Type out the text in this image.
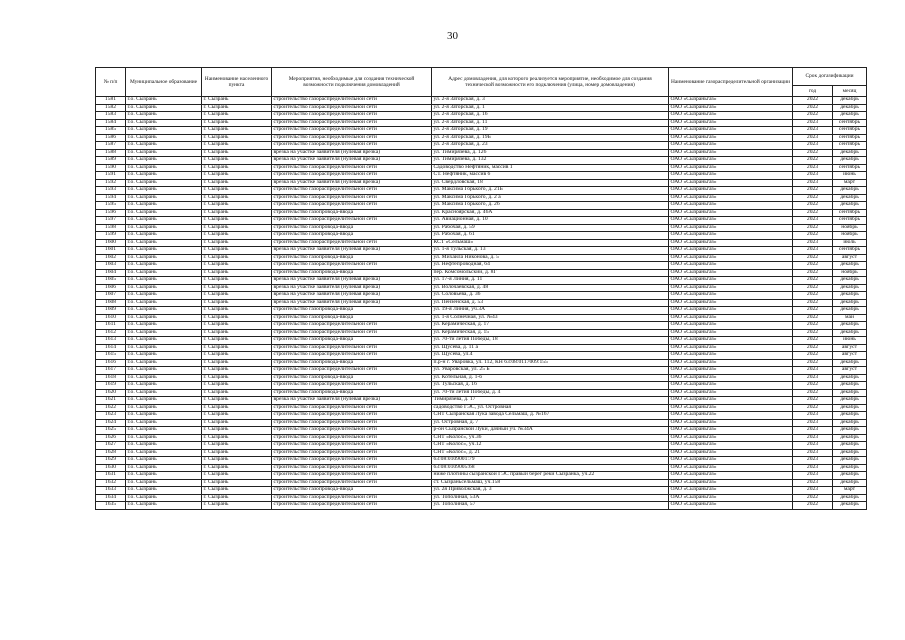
30
№ п/п	Муниципальное образование	Наименование населенного пункта	Мероприятия, необходимые для создания технической возможности подключения домовладений	Адрес домовладения, для которого реализуется мероприятие, необходимое для создания технической возможности его подключения (улица, номер домовладения)	Наименование газораспределительной организации	Срок догазификации	
						год	месяц
1581	г.о. Сызрань	г. Сызрань	строительство газораспределительной сети	ул. 2-я Заторская, д. 3	ОАО «Сызраньгаз»	2022	декабрь
1582	г.о. Сызрань	г. Сызрань	строительство газораспределительной сети	ул. 2-я Заторская, д. 1	ОАО «Сызраньгаз»	2022	декабрь
1583	г.о. Сызрань	г. Сызрань	строительство газораспределительной сети	ул. 2-я Заторская, д. 16	ОАО «Сызраньгаз»	2022	декабрь
1584	г.о. Сызрань	г. Сызрань	строительство газораспределительной сети	ул. 2-я Заторская, д. 11	ОАО «Сызраньгаз»	2023	сентябрь
1585	г.о. Сызрань	г. Сызрань	строительство газораспределительной сети	ул. 2-я Заторская, д. 19	ОАО «Сызраньгаз»	2023	сентябрь
1586	г.о. Сызрань	г. Сызрань	строительство газораспределительной сети	ул. 2-я Заторская, д. 19Б	ОАО «Сызраньгаз»	2023	сентябрь
1587	г.о. Сызрань	г. Сызрань	строительство газораспределительной сети	ул. 2-я Заторская, д. 23	ОАО «Сызраньгаз»	2023	сентябрь
1588	г.о. Сызрань	г. Сызрань	врезка на участке заявителя (нулевая врезка)	ул. Тимирязева, д. 126	ОАО «Сызраньгаз»	2022	декабрь
1589	г.о. Сызрань	г. Сызрань	врезка на участке заявителя (нулевая врезка)	ул. Тимирязева, д. 132	ОАО «Сызраньгаз»	2022	декабрь
1590	г.о. Сызрань	г. Сызрань	строительство газораспределительной сети	Садоводство Нефтяник, массив 1	ОАО «Сызраньгаз»	2023	сентябрь
1591	г.о. Сызрань	г. Сызрань	строительство газораспределительной сети	СТ. Нефтяник, массив 6	ОАО «Сызраньгаз»	2023	июнь
1592	г.о. Сызрань	г. Сызрань	врезка на участке заявителя (нулевая врезка)	ул. Свердловская, 18	ОАО «Сызраньгаз»	2023	март
1593	г.о. Сызрань	г. Сызрань	строительство газораспределительной сети	ул. Максима Горького, д. 21Б	ОАО «Сызраньгаз»	2022	декабрь
1594	г.о. Сызрань	г. Сызрань	строительство газораспределительной сети	ул. Максима Горького, д. 2 а	ОАО «Сызраньгаз»	2022	декабрь
1595	г.о. Сызрань	г. Сызрань	строительство газораспределительной сети	ул. Максима Горького, д. 26	ОАО «Сызраньгаз»	2022	декабрь
1596	г.о. Сызрань	г. Сызрань	строительство газопровода-ввода	ул. Красноярская, д. 46А	ОАО «Сызраньгаз»	2022	сентябрь
1597	г.о. Сызрань	г. Сызрань	строительство газораспределительной сети	ул. Авиационная, д. 10	ОАО «Сызраньгаз»	2023	сентябрь
1598	г.о. Сызрань	г. Сызрань	строительство газопровода-ввода	ул. Рабочая, д. 59	ОАО «Сызраньгаз»	2022	ноябрь
1599	г.о. Сызрань	г. Сызрань	строительство газопровода-ввода	ул. Рабочая, д. 61	ОАО «Сызраньгаз»	2022	ноябрь
1600	г.о. Сызрань	г. Сызрань	строительство газораспределительной сети	КСТ «Сельмаш»	ОАО «Сызраньгаз»	2023	июль
1601	г.о. Сызрань	г. Сызрань	врезка на участке заявителя (нулевая врезка)	ул. 1-я Тульская, д. 13	ОАО «Сызраньгаз»	2023	сентябрь
1602	г.о. Сызрань	г. Сызрань	строительство газопровода-ввода	ул. Михаила Никонова, д. 5	ОАО «Сызраньгаз»	2022	август
1603	г.о. Сызрань	г. Сызрань	строительство газораспределительной сети	ул. Нефтепроводная, 64	ОАО «Сызраньгаз»	2022	декабрь
1604	г.о. Сызрань	г. Сызрань	строительство газопровода-ввода	пер. Комсомольский, д. 8Г	ОАО «Сызраньгаз»	2022	ноябрь
1605	г.о. Сызрань	г. Сызрань	врезка на участке заявителя (нулевая врезка)	ул. 17-я Линия, д. 11	ОАО «Сызраньгаз»	2022	декабрь
1606	г.о. Сызрань	г. Сызрань	врезка на участке заявителя (нулевая врезка)	ул. Волочаевская, д. 48	ОАО «Сызраньгаз»	2022	декабрь
1607	г.о. Сызрань	г. Сызрань	врезка на участке заявителя (нулевая врезка)	ул. Соловьева, д. 36	ОАО «Сызраньгаз»	2022	декабрь
1608	г.о. Сызрань	г. Сызрань	врезка на участке заявителя (нулевая врезка)	ул. Пензенская, д. 53	ОАО «Сызраньгаз»	2022	декабрь
1609	г.о. Сызрань	г. Сызрань	строительство газопровода-ввода	ул. 19-я Линия, уч.3А	ОАО «Сызраньгаз»	2022	декабрь
1610	г.о. Сызрань	г. Сызрань	строительство газопровода-ввода	ул. 1-я Солнечная, ул. №43	ОАО «Сызраньгаз»	2022	май
1611	г.о. Сызрань	г. Сызрань	строительство газораспределительной сети	ул. Керамическая, д. 17	ОАО «Сызраньгаз»	2022	декабрь
1612	г.о. Сызрань	г. Сызрань	строительство газораспределительной сети	ул. Керамическая, д. 15	ОАО «Сызраньгаз»	2022	декабрь
1613	г.о. Сызрань	г. Сызрань	строительство газопровода-ввода	ул. 70-ти летия Победы, 18	ОАО «Сызраньгаз»	2022	июнь
1614	г.о. Сызрань	г. Сызрань	строительство газораспределительной сети	ул. Щусева, д. 11 а	ОАО «Сызраньгаз»	2022	август
1615	г.о. Сызрань	г. Сызрань	строительство газораспределительной сети	ул. Щусева, ул.4	ОАО «Сызраньгаз»	2022	август
1616	г.о. Сызрань	г. Сызрань	строительство газопровода-ввода	п.р-н г. Уваровка, ул. 112, КН 63:08:0117009:155	ОАО «Сызраньгаз»	2022	декабрь
1617	г.о. Сызрань	г. Сызрань	строительство газораспределительной сети	ул. Уваровская, ул. 25 Б	ОАО «Сызраньгаз»	2023	август
1618	г.о. Сызрань	г. Сызрань	строительство газопровода-ввода	ул. Котельная, д. 1-б	ОАО «Сызраньгаз»	2023	декабрь
1619	г.о. Сызрань	г. Сызрань	строительство газораспределительной сети	ул. Тульская, д. 16	ОАО «Сызраньгаз»	2022	декабрь
1620	г.о. Сызрань	г. Сызрань	строительство газопровода-ввода	ул. 70-ти летия Победы, д. 4	ОАО «Сызраньгаз»	2022	декабрь
1621	г.о. Сызрань	г. Сызрань	врезка на участке заявителя (нулевая врезка)	Тимирязева, д. 17	ОАО «Сызраньгаз»	2022	декабрь
1622	г.о. Сызрань	г. Сызрань	строительство газораспределительной сети	садоводство ГЭС, ул. Островная	ОАО «Сызраньгаз»	2022	декабрь
1623	г.о. Сызрань	г. Сызрань	строительство газораспределительной сети	СНТ Сызранская Лука завода Сельмаш, д. №167	ОАО «Сызраньгаз»	2023	декабрь
1624	г.о. Сызрань	г. Сызрань	строительство газораспределительной сети	ул. Островная, д. 7	ОАО «Сызраньгаз»	2023	декабрь
1625	г.о. Сызрань	г. Сызрань	строительство газораспределительной сети	р-он Сызранской Луки, дачный уч. №34А	ОАО «Сызраньгаз»	2023	декабрь
1626	г.о. Сызрань	г. Сызрань	строительство газораспределительной сети	СНТ «Колос», уч.36	ОАО «Сызраньгаз»	2023	декабрь
1627	г.о. Сызрань	г. Сызрань	строительство газораспределительной сети	СНТ «Колос», уч.12	ОАО «Сызраньгаз»	2023	декабрь
1628	г.о. Сызрань	г. Сызрань	строительство газораспределительной сети	СНТ «Колос», д. 21	ОАО «Сызраньгаз»	2023	декабрь
1629	г.о. Сызрань	г. Сызрань	строительство газораспределительной сети	63:08:0109001:79	ОАО «Сызраньгаз»	2023	декабрь
1630	г.о. Сызрань	г. Сызрань	строительство газораспределительной сети	63:08:0109005:68	ОАО «Сызраньгаз»	2023	декабрь
1631	г.о. Сызрань	г. Сызрань	строительство газораспределительной сети	ниже плотины сызранской ГЭС правый берег реки Сызранка, уч.22	ОАО «Сызраньгаз»	2023	декабрь
1632	г.о. Сызрань	г. Сызрань	строительство газораспределительной сети	ст. Сызраньсельмаш, уч.158	ОАО «Сызраньгаз»	2023	декабрь
1633	г.о. Сызрань	г. Сызрань	строительство газопровода-ввода	ул. 2я Приволжская, д. 3	ОАО «Сызраньгаз»	2023	март
1634	г.о. Сызрань	г. Сызрань	строительство газораспределительной сети	ул. Тополиная, 53А	ОАО «Сызраньгаз»	2022	декабрь
1635	г.о. Сызрань	г. Сызрань	строительство газораспределительной сети	ул. Тополиная, 57	ОАО «Сызраньгаз»	2022	декабрь
